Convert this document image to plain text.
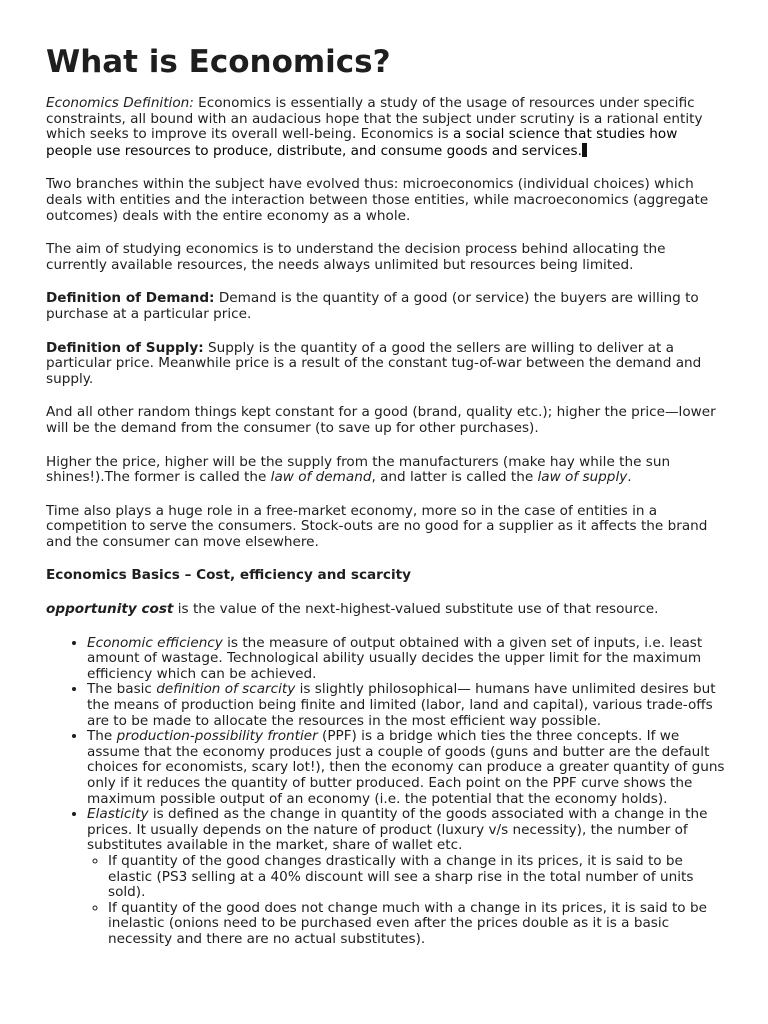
What is Economics?

Economics Definition: Economics is essentially a study of the usage of resources under specific constraints, all bound with an audacious hope that the subject under scrutiny is a rational entity which seeks to improve its overall well-being. Economics is a social science that studies how people use resources to produce, distribute, and consume goods and services.

Two branches within the subject have evolved thus: microeconomics (individual choices) which deals with entities and the interaction between those entities, while macroeconomics (aggregate outcomes) deals with the entire economy as a whole.

The aim of studying economics is to understand the decision process behind allocating the currently available resources, the needs always unlimited but resources being limited.

Definition of Demand: Demand is the quantity of a good (or service) the buyers are willing to purchase at a particular price.

Definition of Supply: Supply is the quantity of a good the sellers are willing to deliver at a particular price. Meanwhile price is a result of the constant tug-of-war between the demand and supply.

And all other random things kept constant for a good (brand, quality etc.); higher the price—lower will be the demand from the consumer (to save up for other purchases).

Higher the price, higher will be the supply from the manufacturers (make hay while the sun shines!).The former is called the law of demand, and latter is called the law of supply.

Time also plays a huge role in a free-market economy, more so in the case of entities in a competition to serve the consumers. Stock-outs are no good for a supplier as it affects the brand and the consumer can move elsewhere.

Economics Basics – Cost, efficiency and scarcity

opportunity cost is the value of the next-highest-valued substitute use of that resource.

• Economic efficiency is the measure of output obtained with a given set of inputs, i.e. least amount of wastage. Technological ability usually decides the upper limit for the maximum efficiency which can be achieved.
• The basic definition of scarcity is slightly philosophical— humans have unlimited desires but the means of production being finite and limited (labor, land and capital), various trade-offs are to be made to allocate the resources in the most efficient way possible.
• The production-possibility frontier (PPF) is a bridge which ties the three concepts. If we assume that the economy produces just a couple of goods (guns and butter are the default choices for economists, scary lot!), then the economy can produce a greater quantity of guns only if it reduces the quantity of butter produced. Each point on the PPF curve shows the maximum possible output of an economy (i.e. the potential that the economy holds).
• Elasticity is defined as the change in quantity of the goods associated with a change in the prices. It usually depends on the nature of product (luxury v/s necessity), the number of substitutes available in the market, share of wallet etc.
◦ If quantity of the good changes drastically with a change in its prices, it is said to be elastic (PS3 selling at a 40% discount will see a sharp rise in the total number of units sold).
◦ If quantity of the good does not change much with a change in its prices, it is said to be inelastic (onions need to be purchased even after the prices double as it is a basic necessity and there are no actual substitutes).
